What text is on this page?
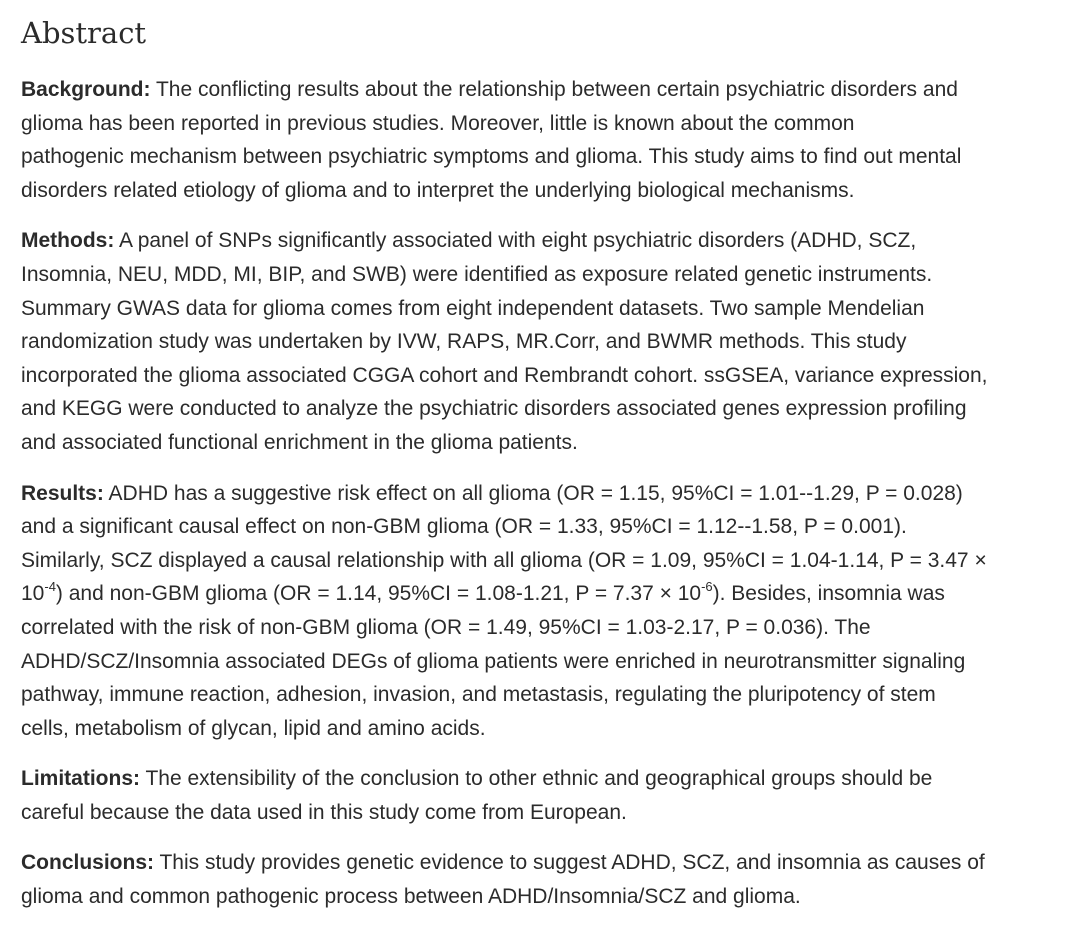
Abstract
Background: The conflicting results about the relationship between certain psychiatric disorders and
glioma has been reported in previous studies. Moreover, little is known about the common
pathogenic mechanism between psychiatric symptoms and glioma. This study aims to find out mental
disorders related etiology of glioma and to interpret the underlying biological mechanisms.
Methods: A panel of SNPs significantly associated with eight psychiatric disorders (ADHD, SCZ,
Insomnia, NEU, MDD, MI, BIP, and SWB) were identified as exposure related genetic instruments.
Summary GWAS data for glioma comes from eight independent datasets. Two sample Mendelian
randomization study was undertaken by IVW, RAPS, MR.Corr, and BWMR methods. This study
incorporated the glioma associated CGGA cohort and Rembrandt cohort. ssGSEA, variance expression,
and KEGG were conducted to analyze the psychiatric disorders associated genes expression profiling
and associated functional enrichment in the glioma patients.
Results: ADHD has a suggestive risk effect on all glioma (OR = 1.15, 95%CI = 1.01--1.29, P = 0.028)
and a significant causal effect on non-GBM glioma (OR = 1.33, 95%CI = 1.12--1.58, P = 0.001).
Similarly, SCZ displayed a causal relationship with all glioma (OR = 1.09, 95%CI = 1.04-1.14, P = 3.47 ×
$10^{-4}$) and non-GBM glioma (OR = 1.14, 95%CI = 1.08-1.21, $P = 7.37 \times 10^{-6}$). Besides, insomnia was
correlated with the risk of non-GBM glioma (OR = 1.49, 95%CI = 1.03-2.17, P = 0.036). The
ADHD/SCZ/Insomnia associated DEGs of glioma patients were enriched in neurotransmitter signaling
pathway, immune reaction, adhesion, invasion, and metastasis, regulating the pluripotency of stem
cells, metabolism of glycan, lipid and amino acids.
Limitations: The extensibility of the conclusion to other ethnic and geographical groups should be
careful because the data used in this study come from European.
Conclusions: This study provides genetic evidence to suggest ADHD, SCZ, and insomnia as causes of
glioma and common pathogenic process between ADHD/Insomnia/SCZ and glioma.
